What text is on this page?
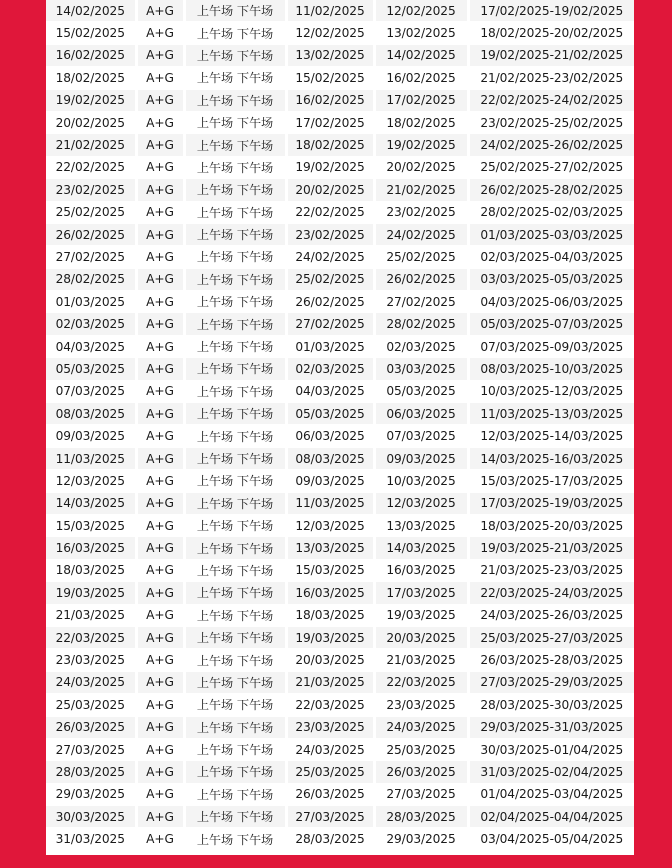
14/02/2025	A+G	上午场 下午场	11/02/2025	12/02/2025	17/02/2025-19/02/2025
15/02/2025	A+G	上午场 下午场	12/02/2025	13/02/2025	18/02/2025-20/02/2025
16/02/2025	A+G	上午场 下午场	13/02/2025	14/02/2025	19/02/2025-21/02/2025
18/02/2025	A+G	上午场 下午场	15/02/2025	16/02/2025	21/02/2025-23/02/2025
19/02/2025	A+G	上午场 下午场	16/02/2025	17/02/2025	22/02/2025-24/02/2025
20/02/2025	A+G	上午场 下午场	17/02/2025	18/02/2025	23/02/2025-25/02/2025
21/02/2025	A+G	上午场 下午场	18/02/2025	19/02/2025	24/02/2025-26/02/2025
22/02/2025	A+G	上午场 下午场	19/02/2025	20/02/2025	25/02/2025-27/02/2025
23/02/2025	A+G	上午场 下午场	20/02/2025	21/02/2025	26/02/2025-28/02/2025
25/02/2025	A+G	上午场 下午场	22/02/2025	23/02/2025	28/02/2025-02/03/2025
26/02/2025	A+G	上午场 下午场	23/02/2025	24/02/2025	01/03/2025-03/03/2025
27/02/2025	A+G	上午场 下午场	24/02/2025	25/02/2025	02/03/2025-04/03/2025
28/02/2025	A+G	上午场 下午场	25/02/2025	26/02/2025	03/03/2025-05/03/2025
01/03/2025	A+G	上午场 下午场	26/02/2025	27/02/2025	04/03/2025-06/03/2025
02/03/2025	A+G	上午场 下午场	27/02/2025	28/02/2025	05/03/2025-07/03/2025
04/03/2025	A+G	上午场 下午场	01/03/2025	02/03/2025	07/03/2025-09/03/2025
05/03/2025	A+G	上午场 下午场	02/03/2025	03/03/2025	08/03/2025-10/03/2025
07/03/2025	A+G	上午场 下午场	04/03/2025	05/03/2025	10/03/2025-12/03/2025
08/03/2025	A+G	上午场 下午场	05/03/2025	06/03/2025	11/03/2025-13/03/2025
09/03/2025	A+G	上午场 下午场	06/03/2025	07/03/2025	12/03/2025-14/03/2025
11/03/2025	A+G	上午场 下午场	08/03/2025	09/03/2025	14/03/2025-16/03/2025
12/03/2025	A+G	上午场 下午场	09/03/2025	10/03/2025	15/03/2025-17/03/2025
14/03/2025	A+G	上午场 下午场	11/03/2025	12/03/2025	17/03/2025-19/03/2025
15/03/2025	A+G	上午场 下午场	12/03/2025	13/03/2025	18/03/2025-20/03/2025
16/03/2025	A+G	上午场 下午场	13/03/2025	14/03/2025	19/03/2025-21/03/2025
18/03/2025	A+G	上午场 下午场	15/03/2025	16/03/2025	21/03/2025-23/03/2025
19/03/2025	A+G	上午场 下午场	16/03/2025	17/03/2025	22/03/2025-24/03/2025
21/03/2025	A+G	上午场 下午场	18/03/2025	19/03/2025	24/03/2025-26/03/2025
22/03/2025	A+G	上午场 下午场	19/03/2025	20/03/2025	25/03/2025-27/03/2025
23/03/2025	A+G	上午场 下午场	20/03/2025	21/03/2025	26/03/2025-28/03/2025
24/03/2025	A+G	上午场 下午场	21/03/2025	22/03/2025	27/03/2025-29/03/2025
25/03/2025	A+G	上午场 下午场	22/03/2025	23/03/2025	28/03/2025-30/03/2025
26/03/2025	A+G	上午场 下午场	23/03/2025	24/03/2025	29/03/2025-31/03/2025
27/03/2025	A+G	上午场 下午场	24/03/2025	25/03/2025	30/03/2025-01/04/2025
28/03/2025	A+G	上午场 下午场	25/03/2025	26/03/2025	31/03/2025-02/04/2025
29/03/2025	A+G	上午场 下午场	26/03/2025	27/03/2025	01/04/2025-03/04/2025
30/03/2025	A+G	上午场 下午场	27/03/2025	28/03/2025	02/04/2025-04/04/2025
31/03/2025	A+G	上午场 下午场	28/03/2025	29/03/2025	03/04/2025-05/04/2025
